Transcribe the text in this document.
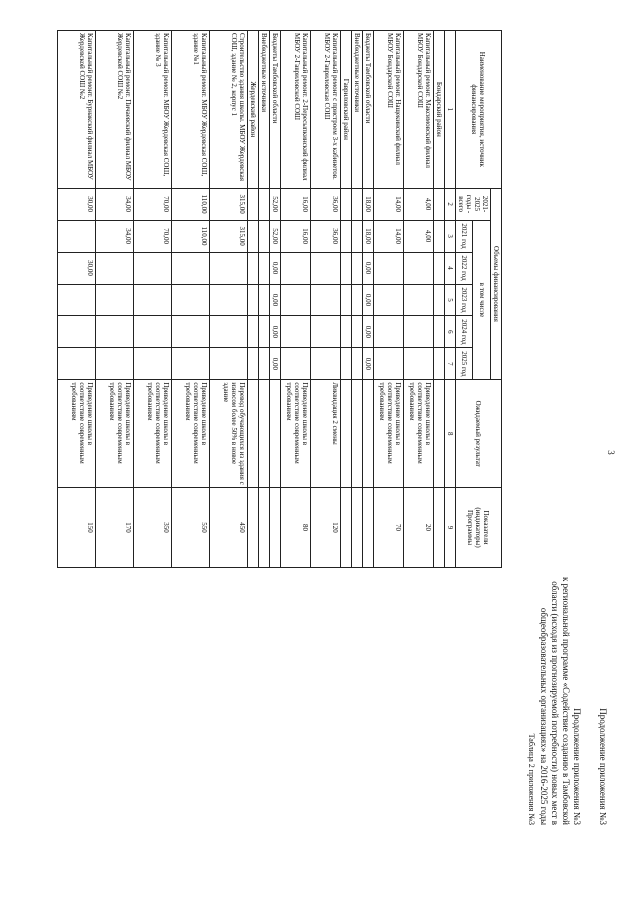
3
Продолжение приложения №3
Продолжение приложения №3
к региональной программе «Содействие созданию в Тамбовской
области (исходя из прогнозируемой потребности) новых мест в
общеобразовательных организациях» на 2016-2025 годы
Таблица 2 приложения №3
Наименование мероприятия, источник финансирования	Объемы финансирования						Ожидаемый результат	Показатели (индикаторы) Программы
	2021-2025 годы - всего	в том числе						
		2021 год	2022 год	2023 год	2024 год	2025 год		
1	2	3	4	5	6	7	8	9
Бондарский район								
Капитальный ремонт. Максимовский филиал МБОУ Бондарской СОШ	4,00	4,00					Приведение школы в соответствие современным требованиям	20
Капитальный ремонт. Нащекинский филиал МБОУ Бондарской СОШ	14,00	14,00					Приведение школы в соответствие современным требованиям	70
Бюджеты Тамбовской области	18,00	18,00	0,00	0,00	0,00	0,00		
Внебюджетные источники								
Гавриловский район								
Капитальный ремонт с пристроем 3-х кабинетов. МБОУ 2-Гавриловская СОШ	36,00	36,00					Ликвидация 2 смены	120
Капитальный ремонт. 2-Пересыпкинский филиал МБОУ 2-Гавриловской СОШ	16,00	16,00					Приведение школы в соответствие современным требованиям	80
Бюджеты Тамбовской области	52,00	52,00	0,00	0,00	0,00	0,00		
Внебюджетные источники								
Жердевский район								
Строительство здания школы. МБОУ Жердевская СОШ, здание № 2, корпус 1	315,00	315,00					Перевод обучающихся из здания с износом более 50% в новое здание	450
Капитальный ремонт. МБОУ Жердевская СОШ, здание №1	110,00	110,00					Приведение школы в соответствие современным требованиям	550
Капитальный ремонт. МБОУ Жердевская СОШ, здание № 3	70,00	70,00					Приведение школы в соответствие современным требованиям	350
Капитальный ремонт. Пичаевский филиал МБОУ Жердевской СОШ №2	34,00	34,00					Приведение школы в соответствие современным требованиям	170
Капитальный ремонт. Бурнакский филиал МБОУ Жердевской СОШ №2	30,00		30,00				Приведение школы в соответствие современным требованиям	150
